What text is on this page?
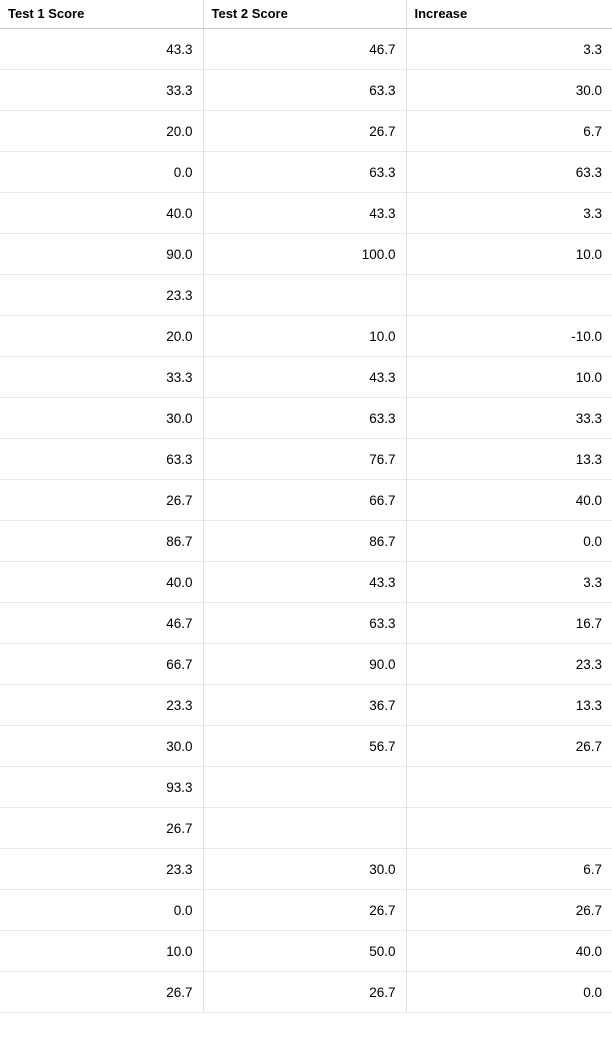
Test 1 Score	Test 2 Score	Increase
43.3	46.7	3.3
33.3	63.3	30.0
20.0	26.7	6.7
0.0	63.3	63.3
40.0	43.3	3.3
90.0	100.0	10.0
23.3		
20.0	10.0	-10.0
33.3	43.3	10.0
30.0	63.3	33.3
63.3	76.7	13.3
26.7	66.7	40.0
86.7	86.7	0.0
40.0	43.3	3.3
46.7	63.3	16.7
66.7	90.0	23.3
23.3	36.7	13.3
30.0	56.7	26.7
93.3		
26.7		
23.3	30.0	6.7
0.0	26.7	26.7
10.0	50.0	40.0
26.7	26.7	0.0
